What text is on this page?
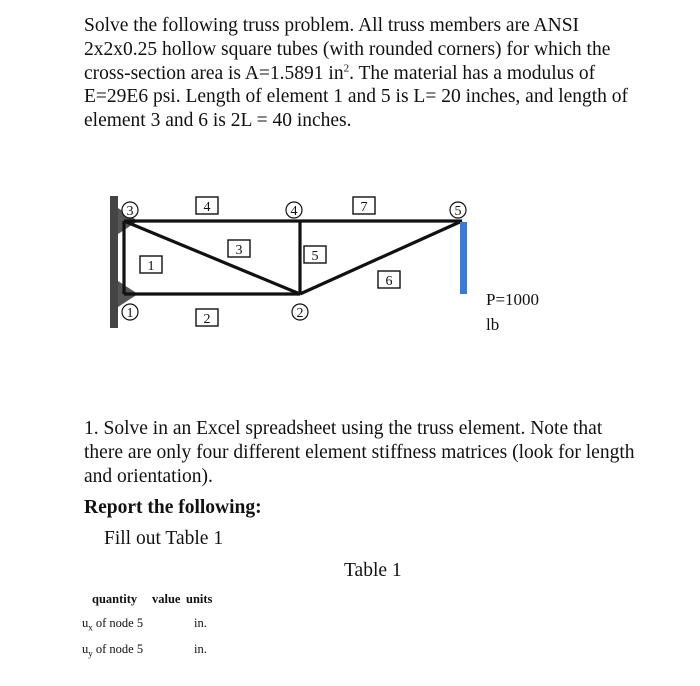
Solve the following truss problem. All truss members are ANSI 2x2x0.25 hollow square tubes (with rounded corners) for which the cross-section area is A=1.5891 $in^2$. The material has a modulus of E=29E6 psi. Length of element 1 and 5 is L= 20 inches, and length of element 3 and 6 is 2L = 40 inches.

3	4	5
1	2
4	7
3	5
1
6
2
P=1000
lb
1. Solve in an Excel spreadsheet using the truss element. Note that there are only four different element stiffness matrices (look for length and orientation).
Report the following:
Fill out Table 1
Table 1
quantity value units
$u_x$ of node 5	in.
$u_y$ of node 5	in.
